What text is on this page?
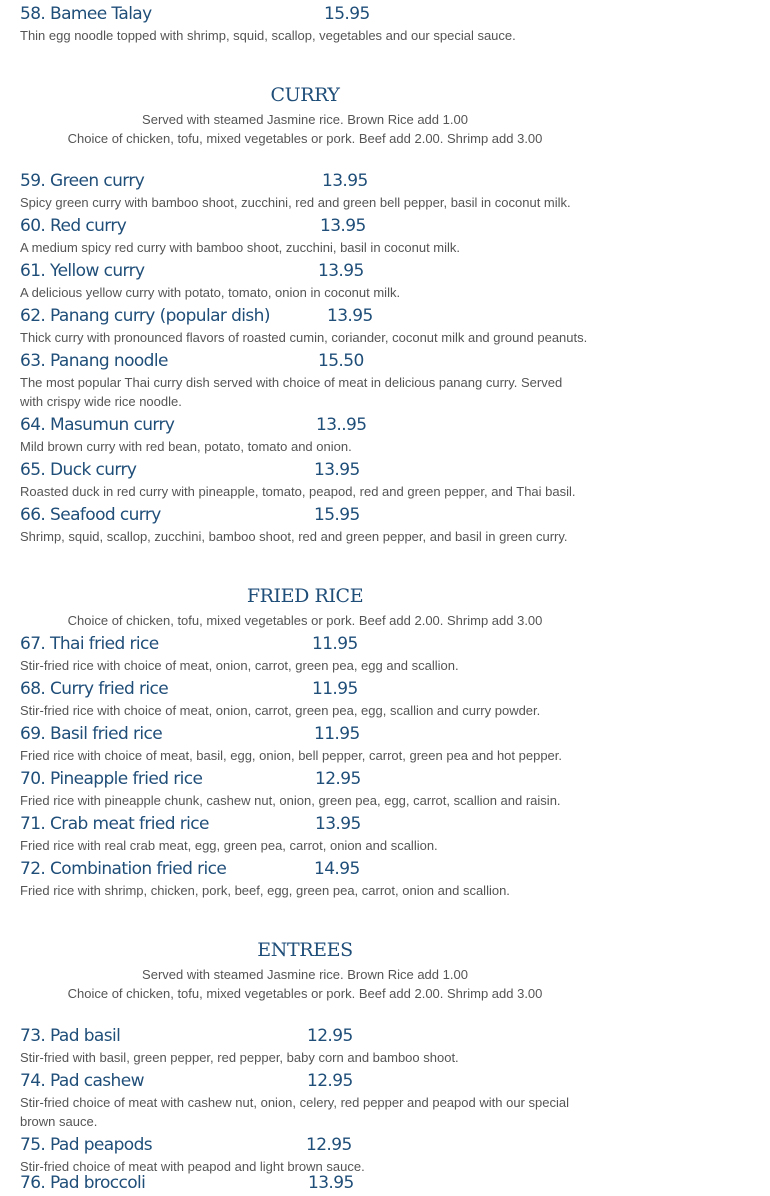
58. Bamee Talay	15.95
Thin egg noodle topped with shrimp, squid, scallop, vegetables and our special sauce.
CURRY
Served with steamed Jasmine rice. Brown Rice add 1.00
Choice of chicken, tofu, mixed vegetables or pork. Beef add 2.00. Shrimp add 3.00
59. Green curry	13.95
Spicy green curry with bamboo shoot, zucchini, red and green bell pepper, basil in coconut milk.
60. Red curry	13.95
A medium spicy red curry with bamboo shoot, zucchini, basil in coconut milk.
61. Yellow curry	13.95
A delicious yellow curry with potato, tomato, onion in coconut milk.
62. Panang curry (popular dish)	13.95
Thick curry with pronounced flavors of roasted cumin, coriander, coconut milk and ground peanuts.
63. Panang noodle	15.50
The most popular Thai curry dish served with choice of meat in delicious panang curry. Served with crispy wide rice noodle.
64. Masumun curry	13..95
Mild brown curry with red bean, potato, tomato and onion.
65. Duck curry	13.95
Roasted duck in red curry with pineapple, tomato, peapod, red and green pepper, and Thai basil.
66. Seafood curry	15.95
Shrimp, squid, scallop, zucchini, bamboo shoot, red and green pepper, and basil in green curry.
FRIED RICE
Choice of chicken, tofu, mixed vegetables or pork. Beef add 2.00. Shrimp add 3.00
67. Thai fried rice	11.95
Stir-fried rice with choice of meat, onion, carrot, green pea, egg and scallion.
68. Curry fried rice	11.95
Stir-fried rice with choice of meat, onion, carrot, green pea, egg, scallion and curry powder.
69. Basil fried rice	11.95
Fried rice with choice of meat, basil, egg, onion, bell pepper, carrot, green pea and hot pepper.
70. Pineapple fried rice	12.95
Fried rice with pineapple chunk, cashew nut, onion, green pea, egg, carrot, scallion and raisin.
71. Crab meat fried rice	13.95
Fried rice with real crab meat, egg, green pea, carrot, onion and scallion.
72. Combination fried rice	14.95
Fried rice with shrimp, chicken, pork, beef, egg, green pea, carrot, onion and scallion.
ENTREES
Served with steamed Jasmine rice. Brown Rice add 1.00
Choice of chicken, tofu, mixed vegetables or pork. Beef add 2.00. Shrimp add 3.00
73. Pad basil	12.95
Stir-fried with basil, green pepper, red pepper, baby corn and bamboo shoot.
74. Pad cashew	12.95
Stir-fried choice of meat with cashew nut, onion, celery, red pepper and peapod with our special brown sauce.
75. Pad peapods	12.95
Stir-fried choice of meat with peapod and light brown sauce.
76. Pad broccoli	13.95
